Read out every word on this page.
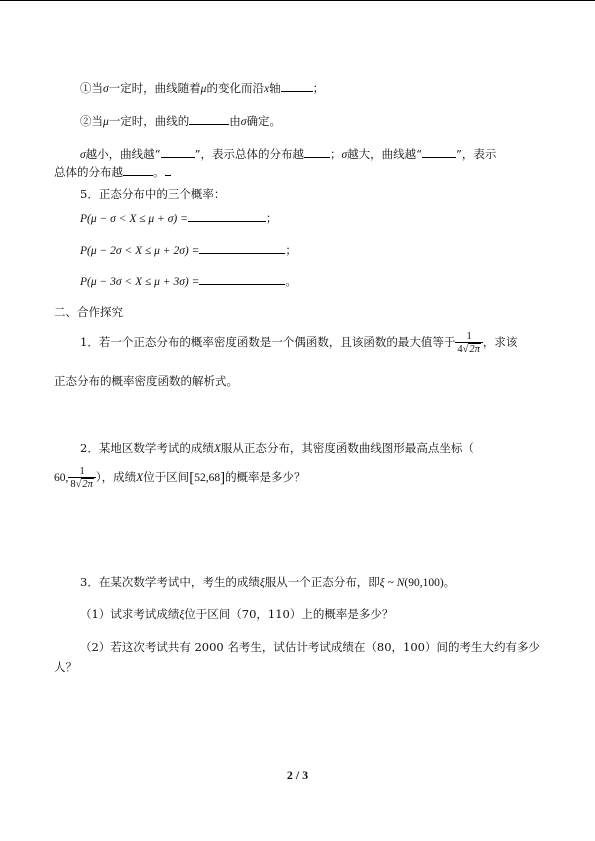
①当σ一定时，曲线随着μ的变化而沿x轴	；
②当μ一定时，曲线的	由σ确定。
σ越小，曲线越“	”，表示总体的分布越 ；σ越大，曲线越“	”，表示
总体的分布越	。
5．正态分布中的三个概率：
P(μ − σ < X ≤ μ + σ) =	；
P(μ − 2σ < X ≤ μ + 2σ) =	；
P(μ − 3σ < X ≤ μ + 3σ) =	。
二、合作探究
1．若一个正态分布的概率密度函数是一个偶函数，且该函数的最大值等于 $\frac{1}{4√2\pi}$ ，求该
正态分布的概率密度函数的解析式。
2．某地区数学考试的成绩X服从正态分布，其密度函数曲线图形最高点坐标（
60, $\frac{1}{8√2\pi}$ ），成绩X位于区间[52,68]的概率是多少？
3．在某次数学考试中，考生的成绩ξ服从一个正态分布，即ξ ~ N(90,100)。
（1）试求考试成绩ξ位于区间（70，110）上的概率是多少？
（2）若这次考试共有 2000 名考生，试估计考试成绩在（80，100）间的考生大约有多少
人？
2 / 3
